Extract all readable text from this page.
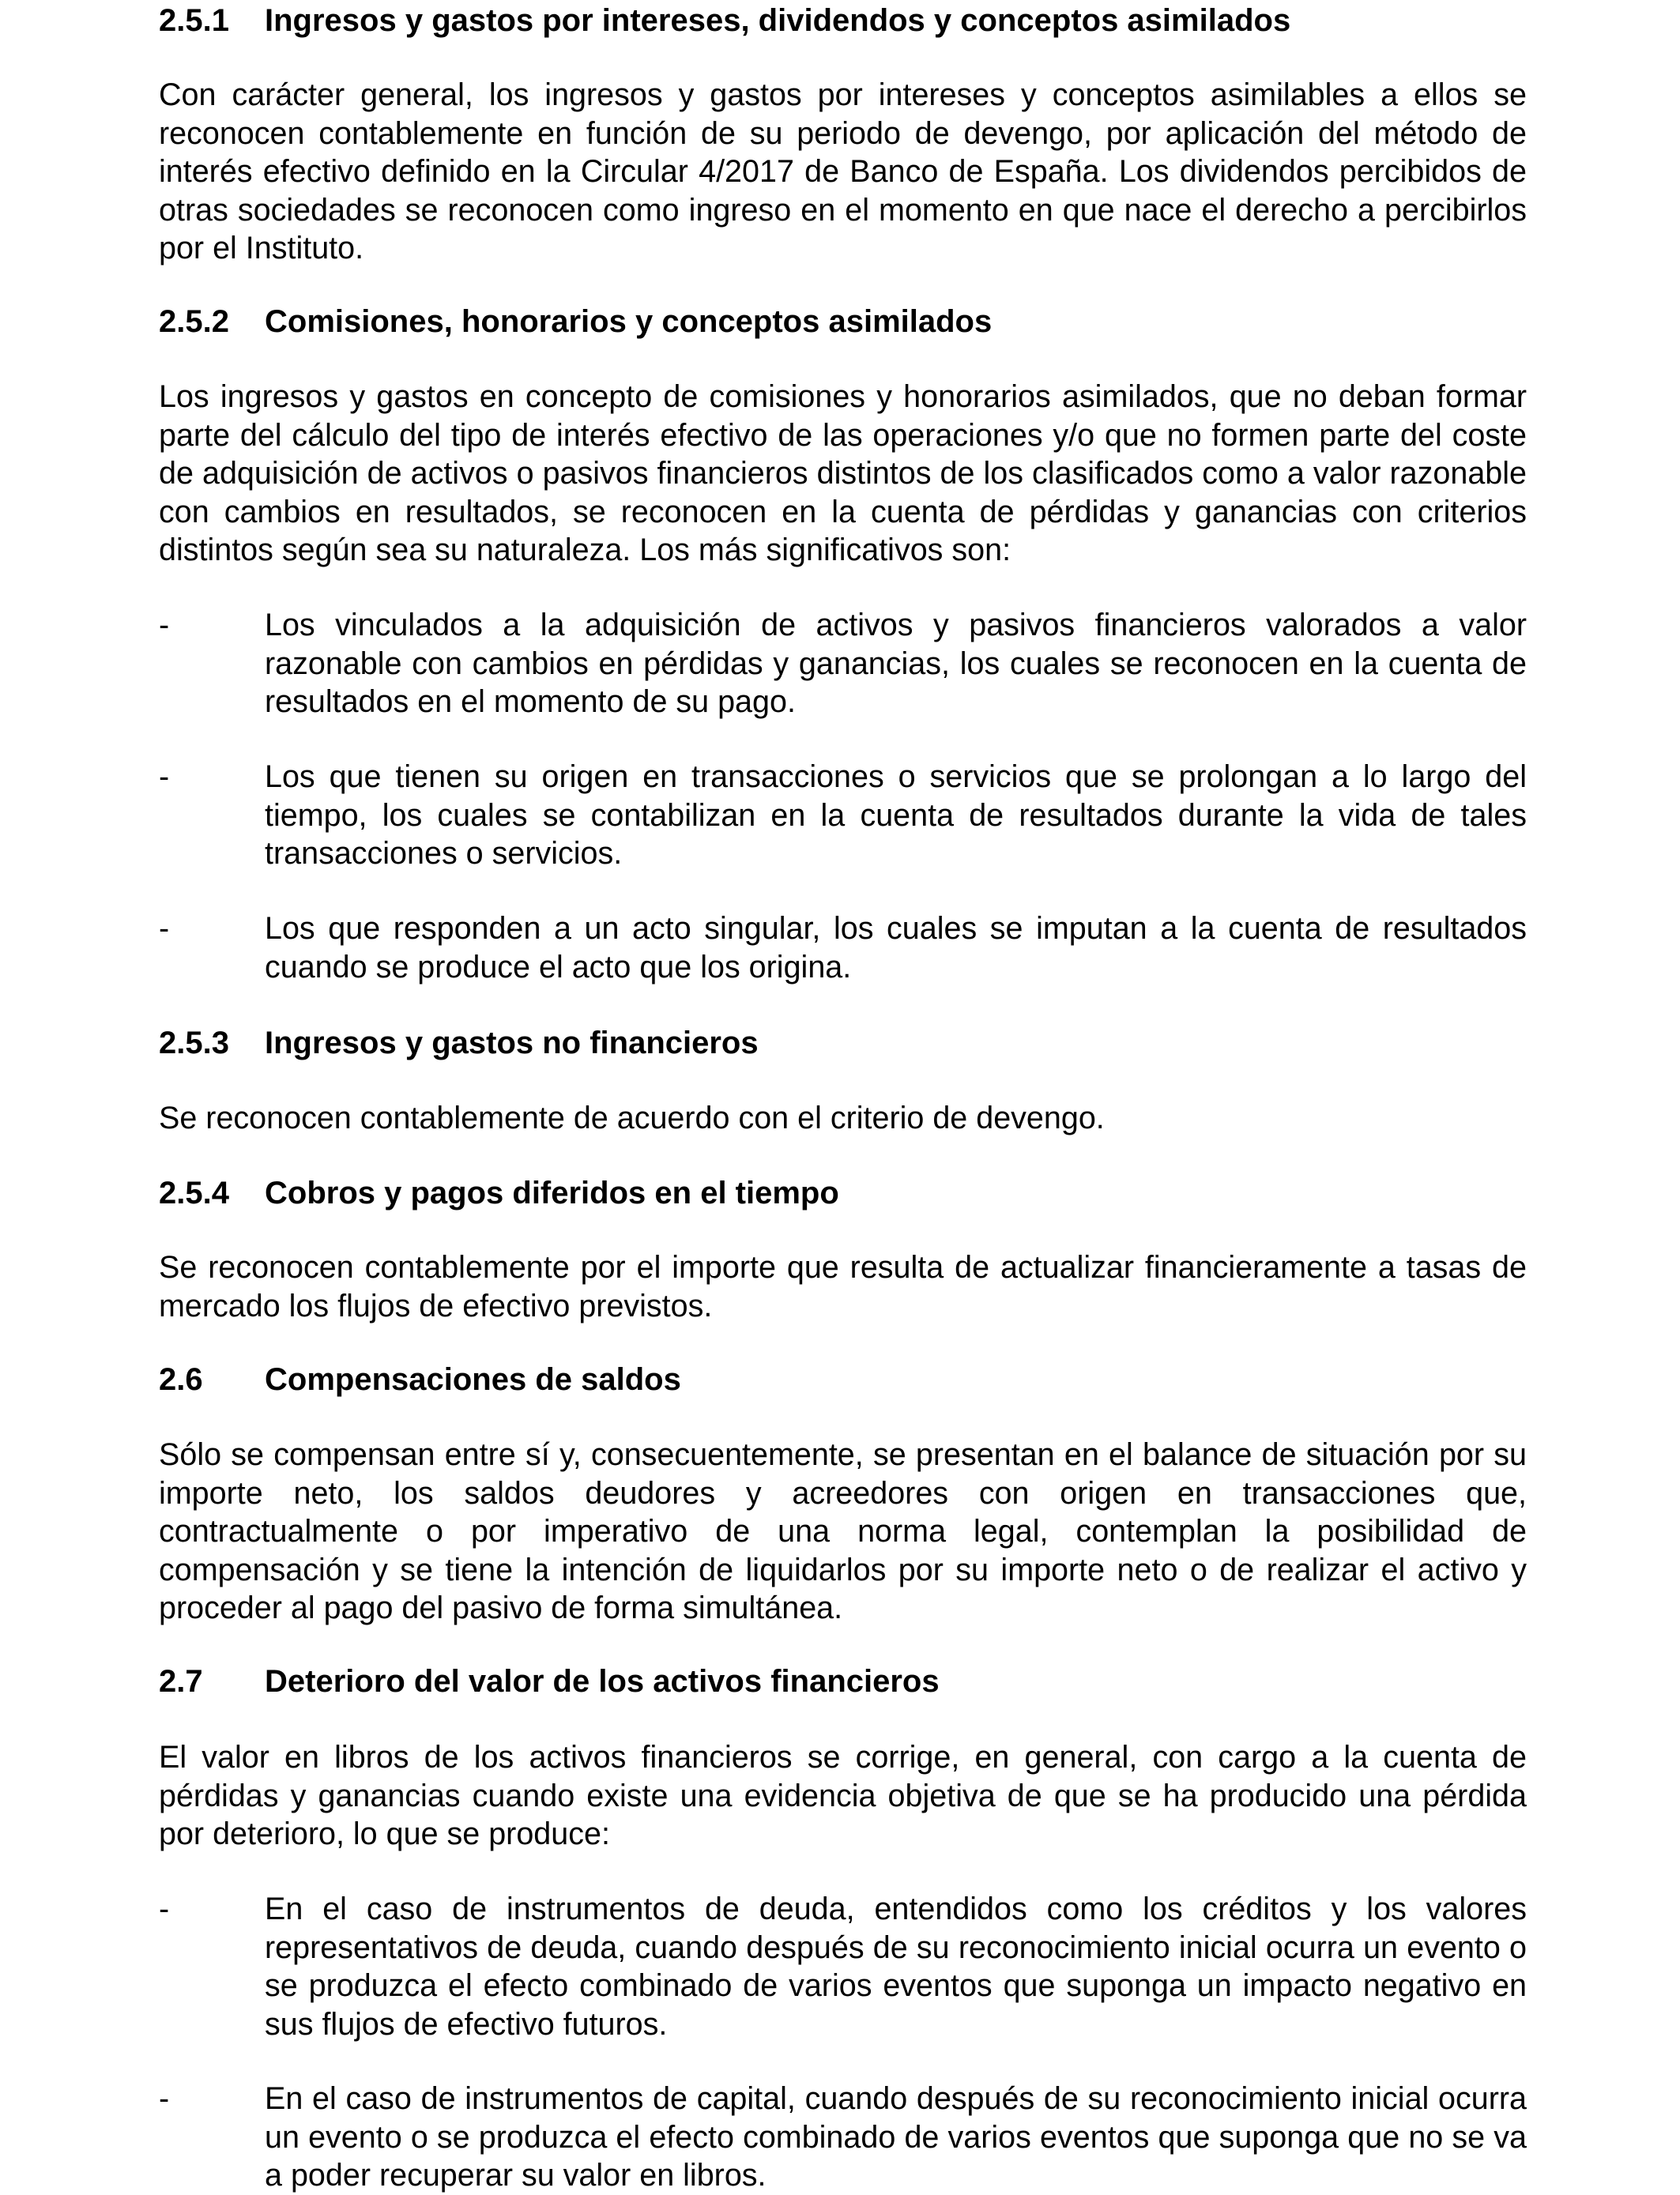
2.5.1 Ingresos y gastos por intereses, dividendos y conceptos asimilados
Con carácter general, los ingresos y gastos por intereses y conceptos asimilables a ellos se reconocen contablemente en función de su periodo de devengo, por aplicación del método de interés efectivo definido en la Circular 4/2017 de Banco de España. Los dividendos percibidos de otras sociedades se reconocen como ingreso en el momento en que nace el derecho a percibirlos por el Instituto.
2.5.2 Comisiones, honorarios y conceptos asimilados
Los ingresos y gastos en concepto de comisiones y honorarios asimilados, que no deban formar parte del cálculo del tipo de interés efectivo de las operaciones y/o que no formen parte del coste de adquisición de activos o pasivos financieros distintos de los clasificados como a valor razonable con cambios en resultados, se reconocen en la cuenta de pérdidas y ganancias con criterios distintos según sea su naturaleza. Los más significativos son:
-	Los vinculados a la adquisición de activos y pasivos financieros valorados a valor razonable con cambios en pérdidas y ganancias, los cuales se reconocen en la cuenta de resultados en el momento de su pago.
-	Los que tienen su origen en transacciones o servicios que se prolongan a lo largo del tiempo, los cuales se contabilizan en la cuenta de resultados durante la vida de tales transacciones o servicios.
-	Los que responden a un acto singular, los cuales se imputan a la cuenta de resultados cuando se produce el acto que los origina.
2.5.3 Ingresos y gastos no financieros
Se reconocen contablemente de acuerdo con el criterio de devengo.
2.5.4 Cobros y pagos diferidos en el tiempo
Se reconocen contablemente por el importe que resulta de actualizar financieramente a tasas de mercado los flujos de efectivo previstos.
2.6 Compensaciones de saldos
Sólo se compensan entre sí y, consecuentemente, se presentan en el balance de situación por su importe neto, los saldos deudores y acreedores con origen en transacciones que, contractualmente o por imperativo de una norma legal, contemplan la posibilidad de compensación y se tiene la intención de liquidarlos por su importe neto o de realizar el activo y proceder al pago del pasivo de forma simultánea.
2.7 Deterioro del valor de los activos financieros
El valor en libros de los activos financieros se corrige, en general, con cargo a la cuenta de pérdidas y ganancias cuando existe una evidencia objetiva de que se ha producido una pérdida por deterioro, lo que se produce:
-	En el caso de instrumentos de deuda, entendidos como los créditos y los valores representativos de deuda, cuando después de su reconocimiento inicial ocurra un evento o se produzca el efecto combinado de varios eventos que suponga un impacto negativo en sus flujos de efectivo futuros.
-	En el caso de instrumentos de capital, cuando después de su reconocimiento inicial ocurra un evento o se produzca el efecto combinado de varios eventos que suponga que no se va a poder recuperar su valor en libros.
